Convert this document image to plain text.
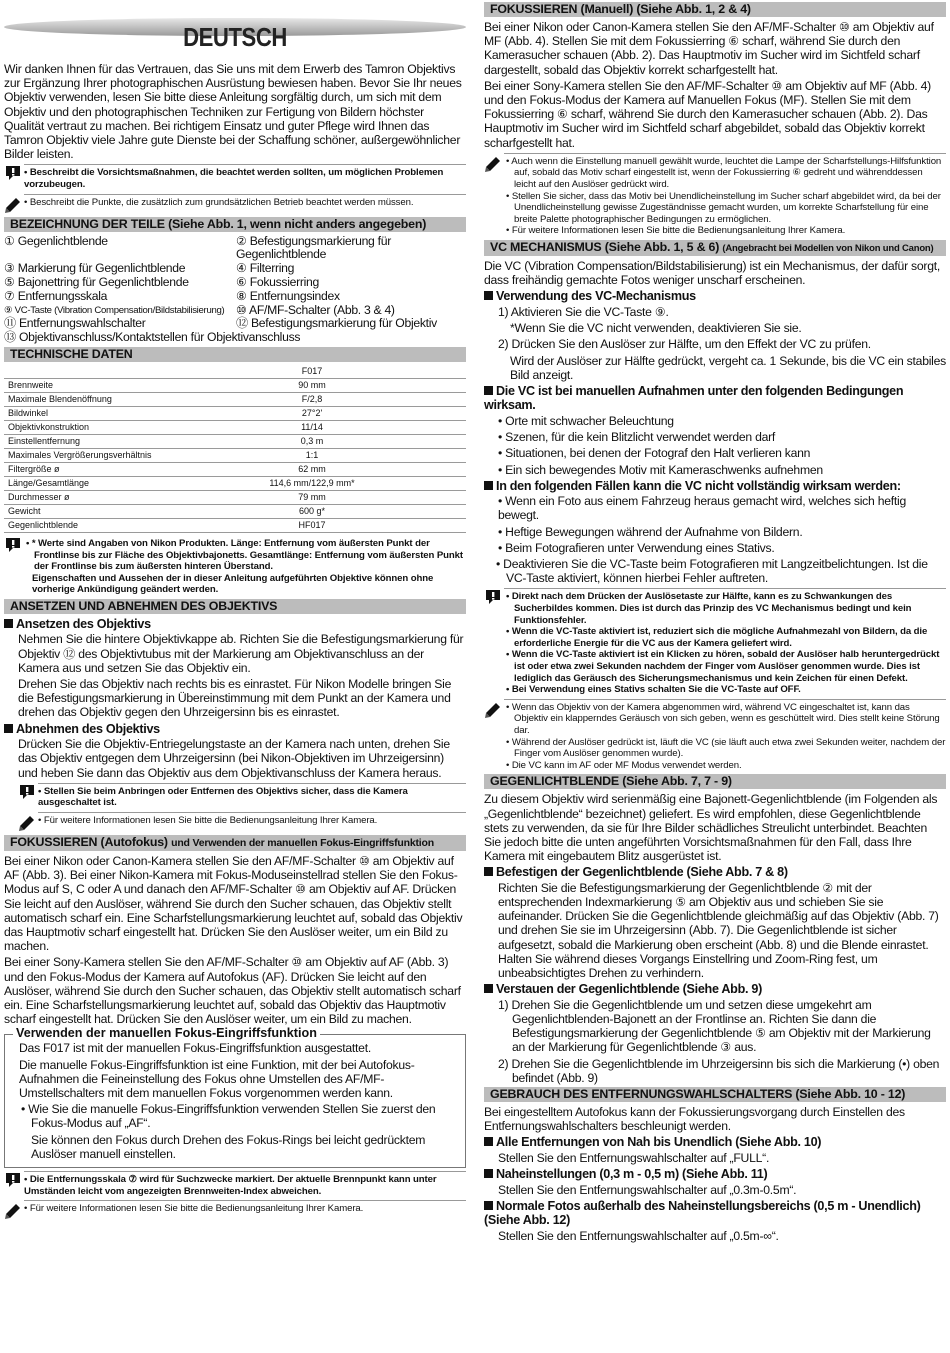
DEUTSCH

Wir danken Ihnen für das Vertrauen, das Sie uns mit dem Erwerb des Tamron Objektivs zur Ergänzung Ihrer photographischen Ausrüstung bewiesen haben. Bevor Sie Ihr neues Objektiv verwenden, lesen Sie bitte diese Anleitung sorgfältig durch, um sich mit dem Objektiv und den photographischen Techniken zur Fertigung von Bildern höchster Qualität vertraut zu machen. Bei richtigem Einsatz und guter Pflege wird Ihnen das Tamron Objektiv viele Jahre gute Dienste bei der Schaffung schöner, außergewöhnlicher Bilder leisten.

• Beschreibt die Vorsichtsmaßnahmen, die beachtet werden sollten, um möglichen Problemen vorzubeugen.
• Beschreibt die Punkte, die zusätzlich zum grundsätzlichen Betrieb beachtet werden müssen.
BEZEICHNUNG DER TEILE (Siehe Abb. 1, wenn nicht anders angegeben)
① Gegenlichtblende	② Befestigungsmarkierung für Gegenlichtblende
③ Markierung für Gegenlichtblende	④ Filterring
⑤ Bajonettring für Gegenlichtblende	⑥ Fokussierring
⑦ Entfernungsskala	⑧ Entfernungsindex
⑨ VC-Taste (Vibration Compensation/Bildstabilisierung) ⑩ AF/MF-Schalter (Abb. 3 & 4)
⑪ Entfernungswahlschalter	⑫ Befestigungsmarkierung für Objektiv
⑬ Objektivanschluss/Kontaktstellen für Objektivanschluss
TECHNISCHE DATEN
	F017
Brennweite	90 mm
Maximale Blendenöffnung	F/2,8
Bildwinkel	27°2'
Objektivkonstruktion	11/14
Einstellentfernung	0,3 m
Maximales Vergrößerungsverhältnis	1:1
Filtergröße ø	62 mm
Länge/Gesamtlänge	114,6 mm/122,9 mm*
Durchmesser ø	79 mm
Gewicht	600 g*
Gegenlichtblende	HF017
• * Werte sind Angaben von Nikon Produkten. Länge: Entfernung vom äußersten Punkt der Frontlinse bis zur Fläche des Objektivbajonetts. Gesamtlänge: Entfernung vom äußersten Punkt der Frontlinse bis zum äußersten hinteren Überstand.
Eigenschaften und Aussehen der in dieser Anleitung aufgeführten Objektive können ohne vorherige Ankündigung geändert werden.
ANSETZEN UND ABNEHMEN DES OBJEKTIVS
Ansetzen des Objektivs

Nehmen Sie die hintere Objektivkappe ab. Richten Sie die Befestigungsmarkierung für Objektiv ⑫ des Objektivtubus mit der Markierung am Objektivanschluss an der Kamera aus und setzen Sie das Objektiv ein.

Drehen Sie das Objektiv nach rechts bis es einrastet. Für Nikon Modelle bringen Sie die Befestigungsmarkierung in Übereinstimmung mit dem Punkt an der Kamera und drehen das Objektiv gegen den Uhrzeigersinn bis es einrastet.

Abnehmen des Objektivs

Drücken Sie die Objektiv-Entriegelungstaste an der Kamera nach unten, drehen Sie das Objektiv entgegen dem Uhrzeigersinn (bei Nikon-Objektiven im Uhrzeigersinn) und heben Sie dann das Objektiv aus dem Objektivanschluss der Kamera heraus.

• Stellen Sie beim Anbringen oder Entfernen des Objektivs sicher, dass die Kamera ausgeschaltet ist.
• Für weitere Informationen lesen Sie bitte die Bedienungsanleitung Ihrer Kamera.
FOKUSSIEREN (Autofokus) und Verwenden der manuellen Fokus-Eingriffsfunktion

Bei einer Nikon oder Canon-Kamera stellen Sie den AF/MF-Schalter ⑩ am Objektiv auf AF (Abb. 3). Bei einer Nikon-Kamera mit Fokus-Moduseinstellrad stellen Sie den Fokus-Modus auf S, C oder A und danach den AF/MF-Schalter ⑩ am Objektiv auf AF. Drücken Sie leicht auf den Auslöser, während Sie durch den Sucher schauen, das Objektiv stellt automatisch scharf ein. Eine Scharfstellungsmarkierung leuchtet auf, sobald das Objektiv das Hauptmotiv scharf eingestellt hat. Drücken Sie den Auslöser weiter, um ein Bild zu machen.

Bei einer Sony-Kamera stellen Sie den AF/MF-Schalter ⑩ am Objektiv auf AF (Abb. 3) und den Fokus-Modus der Kamera auf Autofokus (AF). Drücken Sie leicht auf den Auslöser, während Sie durch den Sucher schauen, das Objektiv stellt automatisch scharf ein. Eine Scharfstellungsmarkierung leuchtet auf, sobald das Objektiv das Hauptmotiv scharf eingestellt hat. Drücken Sie den Auslöser weiter, um ein Bild zu machen.

Verwenden der manuellen Fokus-Eingriffsfunktion

Das F017 ist mit der manuellen Fokus-Eingriffsfunktion ausgestattet.

Die manuelle Fokus-Eingriffsfunktion ist eine Funktion, mit der bei Autofokus-Aufnahmen die Feineinstellung des Fokus ohne Umstellen des AF/MF-Umstellschalters mit dem manuellen Fokus vorgenommen werden kann.

• Wie Sie die manuelle Fokus-Eingriffsfunktion verwenden Stellen Sie zuerst den Fokus-Modus auf „AF“.

Sie können den Fokus durch Drehen des Fokus-Rings bei leicht gedrücktem Auslöser manuell einstellen.

• Die Entfernungsskala ⑦ wird für Suchzwecke markiert. Der aktuelle Brennpunkt kann unter Umständen leicht vom angezeigten Brennweiten-Index abweichen.
• Für weitere Informationen lesen Sie bitte die Bedienungsanleitung Ihrer Kamera.
FOKUSSIEREN (Manuell) (Siehe Abb. 1, 2 & 4)

Bei einer Nikon oder Canon-Kamera stellen Sie den AF/MF-Schalter ⑩ am Objektiv auf MF (Abb. 4). Stellen Sie mit dem Fokussierring ⑥ scharf, während Sie durch den Kamerasucher schauen (Abb. 2). Das Hauptmotiv im Sucher wird im Sichtfeld scharf dargestellt, sobald das Objektiv korrekt scharfgestellt hat.

Bei einer Sony-Kamera stellen Sie den AF/MF-Schalter ⑩ am Objektiv auf MF (Abb. 4) und den Fokus-Modus der Kamera auf Manuellen Fokus (MF). Stellen Sie mit dem Fokussierring ⑥ scharf, während Sie durch den Kamerasucher schauen (Abb. 2). Das Hauptmotiv im Sucher wird im Sichtfeld scharf abgebildet, sobald das Objektiv korrekt scharfgestellt hat.

• Auch wenn die Einstellung manuell gewählt wurde, leuchtet die Lampe der Scharfstellungs-Hilfsfunktion auf, sobald das Motiv scharf eingestellt ist, wenn der Fokussierring ⑥ gedreht und währenddessen leicht auf den Auslöser gedrückt wird.
• Stellen Sie sicher, dass das Motiv bei Unendlicheinstellung im Sucher scharf abgebildet wird, da bei der Unendlicheinstellung gewisse Zugeständnisse gemacht wurden, um korrekte Scharfstellung für eine breite Palette photographischer Bedingungen zu ermöglichen.
• Für weitere Informationen lesen Sie bitte die Bedienungsanleitung Ihrer Kamera.
VC MECHANISMUS (Siehe Abb. 1, 5 & 6) (Angebracht bei Modellen von Nikon und Canon)

Die VC (Vibration Compensation/Bildstabilisierung) ist ein Mechanismus, der dafür sorgt, dass freihändig gemachte Fotos weniger unscharf erscheinen.

Verwendung des VC-Mechanismus

1) Aktivieren Sie die VC-Taste ⑨.

*Wenn Sie die VC nicht verwenden, deaktivieren Sie sie.

2) Drücken Sie den Auslöser zur Hälfte, um den Effekt der VC zu prüfen.

Wird der Auslöser zur Hälfte gedrückt, vergeht ca. 1 Sekunde, bis die VC ein stabiles Bild anzeigt.

Die VC ist bei manuellen Aufnahmen unter den folgenden Bedingungen wirksam.

• Orte mit schwacher Beleuchtung

• Szenen, für die kein Blitzlicht verwendet werden darf

• Situationen, bei denen der Fotograf den Halt verlieren kann

• Ein sich bewegendes Motiv mit Kameraschwenks aufnehmen

In den folgenden Fällen kann die VC nicht vollständig wirksam werden:

• Wenn ein Foto aus einem Fahrzeug heraus gemacht wird, welches sich heftig bewegt.

• Heftige Bewegungen während der Aufnahme von Bildern.

• Beim Fotografieren unter Verwendung eines Stativs.

• Deaktivieren Sie die VC-Taste beim Fotografieren mit Langzeitbelichtungen. Ist die VC-Taste aktiviert, können hierbei Fehler auftreten.

• Direkt nach dem Drücken der Auslösetaste zur Hälfte, kann es zu Schwankungen des Sucherbildes kommen. Dies ist durch das Prinzip des VC Mechanismus bedingt und kein Funktionsfehler.
• Wenn die VC-Taste aktiviert ist, reduziert sich die mögliche Aufnahmezahl von Bildern, da die erforderliche Energie für die VC aus der Kamera geliefert wird.
• Wenn die VC-Taste aktiviert ist ein Klicken zu hören, sobald der Auslöser halb heruntergedrückt ist oder etwa zwei Sekunden nachdem der Finger vom Auslöser genommen wurde. Dies ist lediglich das Geräusch des Sicherungsmechanismus und kein Zeichen für einen Defekt.
• Bei Verwendung eines Stativs schalten Sie die VC-Taste auf OFF.
• Wenn das Objektiv von der Kamera abgenommen wird, während VC eingeschaltet ist, kann das Objektiv ein klapperndes Geräusch von sich geben, wenn es geschüttelt wird. Dies stellt keine Störung dar.
• Während der Auslöser gedrückt ist, läuft die VC (sie läuft auch etwa zwei Sekunden weiter, nachdem der Finger vom Auslöser genommen wurde).
• Die VC kann im AF oder MF Modus verwendet werden.
GEGENLICHTBLENDE (Siehe Abb. 7, 7 - 9)

Zu diesem Objektiv wird serienmäßig eine Bajonett-Gegenlichtblende (im Folgenden als „Gegenlichtblende“ bezeichnet) geliefert. Es wird empfohlen, diese Gegenlichtblende stets zu verwenden, da sie für Ihre Bilder schädliches Streulicht unterbindet. Beachten Sie jedoch bitte die unten angeführten Vorsichtsmaßnahmen für den Fall, dass Ihre Kamera mit eingebautem Blitz ausgerüstet ist.

Befestigen der Gegenlichtblende (Siehe Abb. 7 & 8)

Richten Sie die Befestigungsmarkierung der Gegenlichtblende ② mit der entsprechenden Indexmarkierung ⑤ am Objektiv aus und schieben Sie sie aufeinander. Drücken Sie die Gegenlichtblende gleichmäßig auf das Objektiv (Abb. 7) und drehen Sie sie im Uhrzeigersinn (Abb. 7). Die Gegenlichtblende ist sicher aufgesetzt, sobald die Markierung oben erscheint (Abb. 8) und die Blende einrastet. Halten Sie während dieses Vorgangs Einstellring und Zoom-Ring fest, um unbeabsichtigtes Drehen zu verhindern.

Verstauen der Gegenlichtblende (Siehe Abb. 9)

1) Drehen Sie die Gegenlichtblende um und setzen diese umgekehrt am Gegenlichtblenden-Bajonett an der Frontlinse an. Richten Sie dann die Befestigungsmarkierung der Gegenlichtblende ⑤ am Objektiv mit der Markierung an der Markierung für Gegenlichtblende ③ aus.

2) Drehen Sie die Gegenlichtblende im Uhrzeigersinn bis sich die Markierung (•) oben befindet (Abb. 9)

GEBRAUCH DES ENTFERNUNGSWAHLSCHALTERS (Siehe Abb. 10 - 12)

Bei eingestelltem Autofokus kann der Fokussierungsvorgang durch Einstellen des Entfernungswahlschalters beschleunigt werden.

Alle Entfernungen von Nah bis Unendlich (Siehe Abb. 10)

Stellen Sie den Entfernungswahlschalter auf „FULL“.

Naheinstellungen (0,3 m - 0,5 m) (Siehe Abb. 11)

Stellen Sie den Entfernungswahlschalter auf „0.3m-0.5m“.

Normale Fotos außerhalb des Naheinstellungsbereichs (0,5 m - Unendlich) (Siehe Abb. 12)

Stellen Sie den Entfernungswahlschalter auf „0.5m-∞“.
